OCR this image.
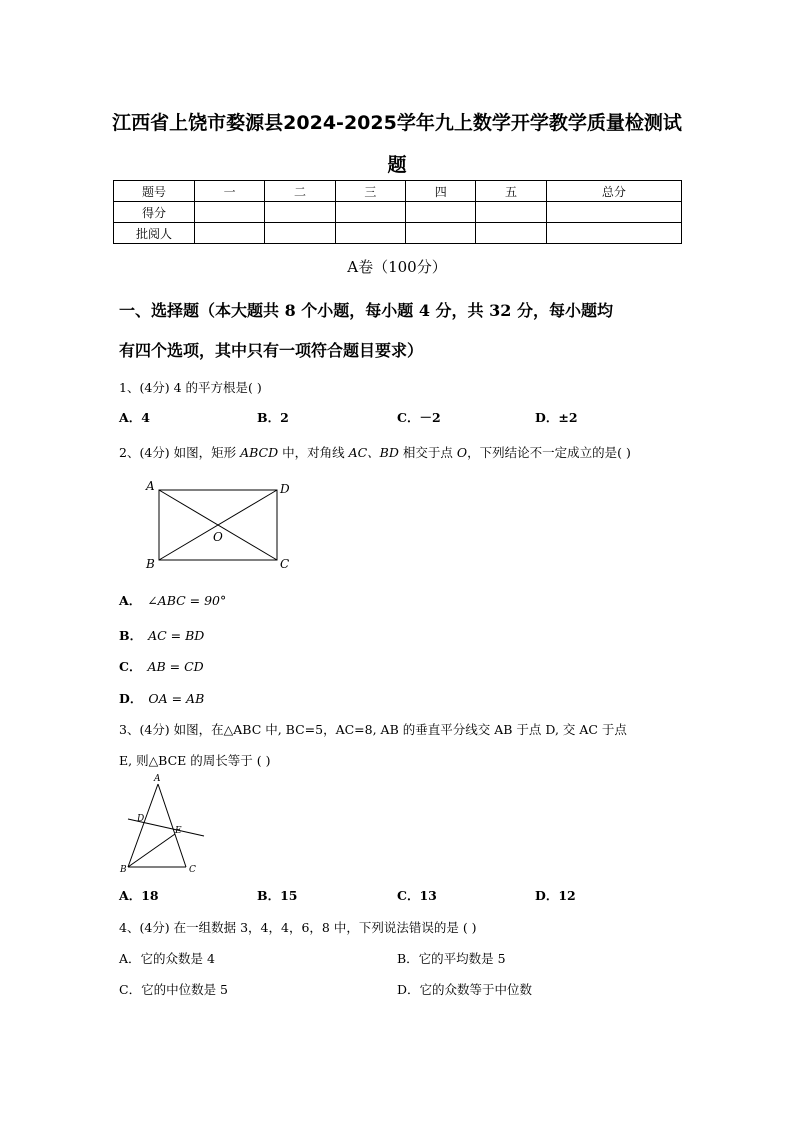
江西省上饶市婺源县2024-2025学年九上数学开学教学质量检测试
题
题号	一	二	三	四	五	总分
得分						
批阅人						
A卷（100分）
一、选择题（本大题共 8 个小题，每小题 4 分，共 32 分，每小题均
有四个选项，其中只有一项符合题目要求）
1、(4分) 4 的平方根是( )
A．4	B．2	C．－2	D．±2
2、(4分) 如图，矩形 ABCD 中，对角线 AC、BD 相交于点 O，下列结论不一定成立的是( )
A	D
B	C
O
A． ∠ABC = 90°
B． AC = BD
C． AB = CD
D． OA = AB
3、(4分) 如图，在△ABC 中, BC=5，AC=8, AB 的垂直平分线交 AB 于点 D, 交 AC 于点
E, 则△BCE 的周长等于 ( )
A
D
E
B	C
A．18	B．15	C．13	D．12
4、(4分) 在一组数据 3，4，4，6，8 中，下列说法错误的是 ( )
A．它的众数是 4	B．它的平均数是 5
C．它的中位数是 5	D．它的众数等于中位数
